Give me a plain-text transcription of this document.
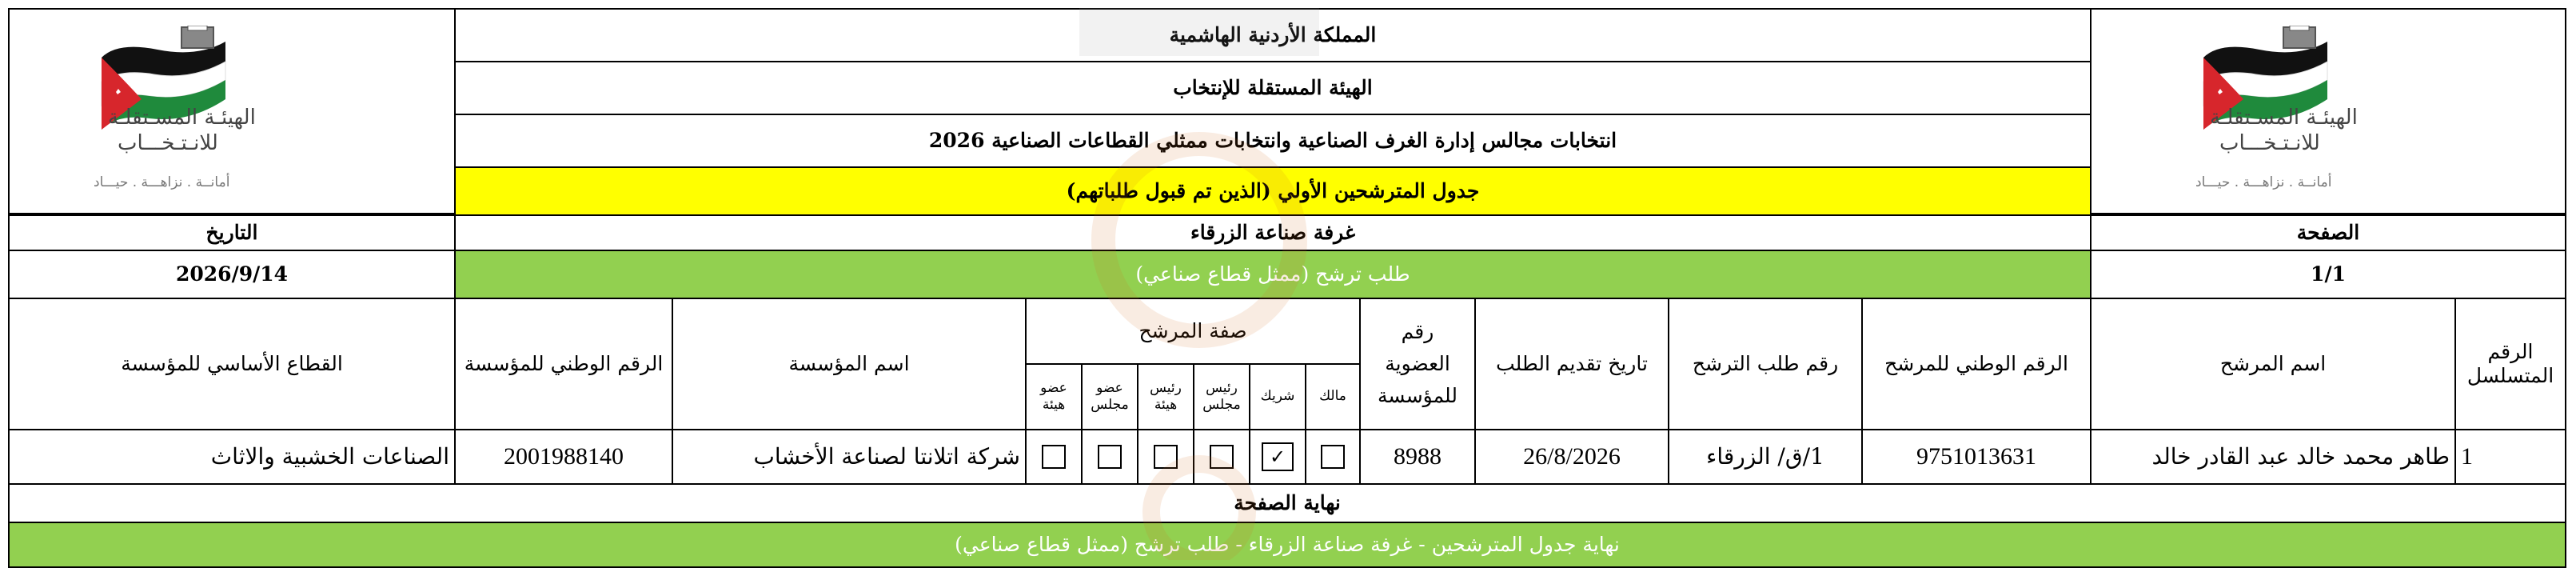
الهيئـة المسـتقلـة
للانـتـخـــاب
أمانــة . نزاهـــة . حيـــاد
الهيئـة المسـتقلـة
للانـتـخـــاب
أمانــة . نزاهـــة . حيـــاد
المملكة الأردنية الهاشمية
الهيئة المستقلة للإنتخاب
انتخابات مجالس إدارة الغرف الصناعية وانتخابات ممثلي القطاعات الصناعية 2026
جدول المترشحين الأولي (الذين تم قبول طلباتهم)
الصفحة
غرفة صناعة الزرقاء
التاريخ
1/1
طلب ترشح (ممثل قطاع صناعي)
2026/9/14
الرقم المتسلسل
اسم المرشح
الرقم الوطني للمرشح
رقم طلب الترشح
تاريخ تقديم الطلب
رقم العضوية للمؤسسة
صفة المرشح
مالك
شريك
رئيس مجلس
رئيس هيئة
عضو مجلس
عضو هيئة
اسم المؤسسة
الرقم الوطني للمؤسسة
القطاع الأساسي للمؤسسة
1
طاهر محمد خالد عبد القادر خالد
9751013631
1/ق/ الزرقاء
26/8/2026
8988
✓
شركة اتلانتا لصناعة الأخشاب
2001988140
الصناعات الخشبية والاثاث
نهاية الصفحة
نهاية جدول المترشحين - غرفة صناعة الزرقاء - طلب ترشح (ممثل قطاع صناعي)
